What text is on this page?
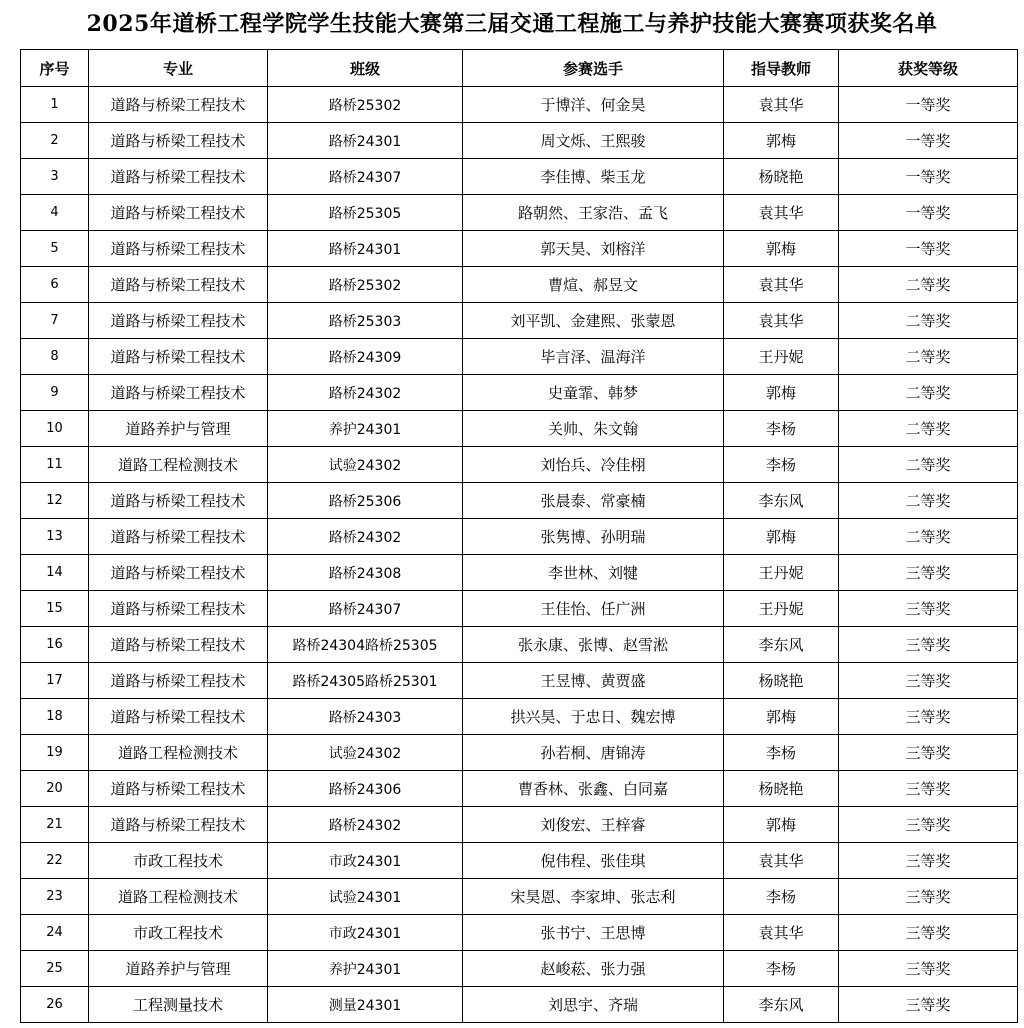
2025年道桥工程学院学生技能大赛第三届交通工程施工与养护技能大赛赛项获奖名单
序号	专业	班级	参赛选手	指导教师	获奖等级
1	道路与桥梁工程技术	路桥25302	于博洋、何金昊	袁其华	一等奖
2	道路与桥梁工程技术	路桥24301	周文烁、王熙骏	郭梅	一等奖
3	道路与桥梁工程技术	路桥24307	李佳博、柴玉龙	杨晓艳	一等奖
4	道路与桥梁工程技术	路桥25305	路朝然、王家浩、孟飞	袁其华	一等奖
5	道路与桥梁工程技术	路桥24301	郭天昊、刘榕洋	郭梅	一等奖
6	道路与桥梁工程技术	路桥25302	曹煊、郝昱文	袁其华	二等奖
7	道路与桥梁工程技术	路桥25303	刘平凯、金建熙、张蒙恩	袁其华	二等奖
8	道路与桥梁工程技术	路桥24309	毕言泽、温海洋	王丹妮	二等奖
9	道路与桥梁工程技术	路桥24302	史童霏、韩梦	郭梅	二等奖
10	道路养护与管理	养护24301	关帅、朱文翰	李杨	二等奖
11	道路工程检测技术	试验24302	刘怡兵、冷佳栩	李杨	二等奖
12	道路与桥梁工程技术	路桥25306	张晨泰、常豪楠	李东风	二等奖
13	道路与桥梁工程技术	路桥24302	张隽博、孙明瑞	郭梅	二等奖
14	道路与桥梁工程技术	路桥24308	李世林、刘犍	王丹妮	三等奖
15	道路与桥梁工程技术	路桥24307	王佳怡、任广洲	王丹妮	三等奖
16	道路与桥梁工程技术	路桥24304路桥25305	张永康、张博、赵雪淞	李东风	三等奖
17	道路与桥梁工程技术	路桥24305路桥25301	王昱博、黄贾盛	杨晓艳	三等奖
18	道路与桥梁工程技术	路桥24303	拱兴昊、于忠日、魏宏博	郭梅	三等奖
19	道路工程检测技术	试验24302	孙若桐、唐锦涛	李杨	三等奖
20	道路与桥梁工程技术	路桥24306	曹香林、张鑫、白同嘉	杨晓艳	三等奖
21	道路与桥梁工程技术	路桥24302	刘俊宏、王梓睿	郭梅	三等奖
22	市政工程技术	市政24301	倪伟程、张佳琪	袁其华	三等奖
23	道路工程检测技术	试验24301	宋昊恩、李家坤、张志利	李杨	三等奖
24	市政工程技术	市政24301	张书宁、王思博	袁其华	三等奖
25	道路养护与管理	养护24301	赵峻菘、张力强	李杨	三等奖
26	工程测量技术	测量24301	刘思宇、齐瑞	李东风	三等奖
